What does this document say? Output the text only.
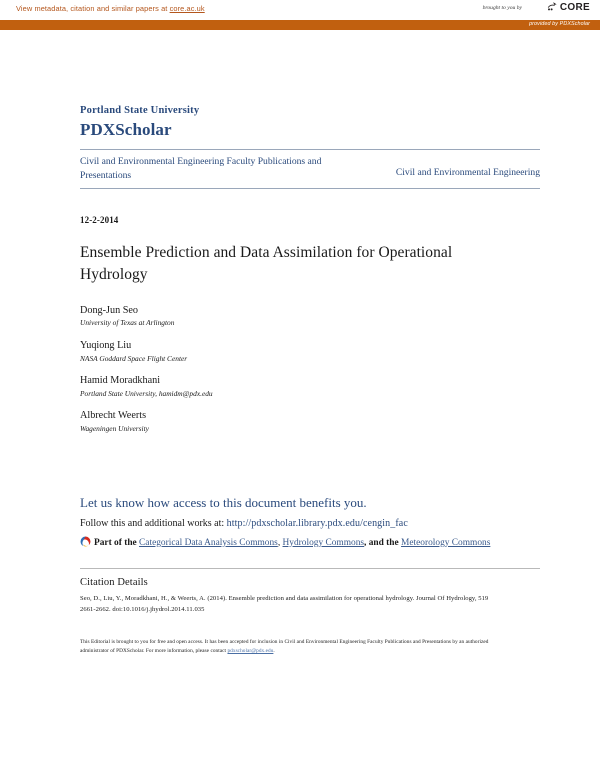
View metadata, citation and similar papers at core.ac.uk	brought to you by	CORE
provided by PDXScholar
Portland State University
PDXScholar
Civil and Environmental Engineering Faculty Publications and Presentations	Civil and Environmental Engineering
12-2-2014
Ensemble Prediction and Data Assimilation for Operational Hydrology
Dong-Jun Seo
University of Texas at Arlington
Yuqiong Liu
NASA Goddard Space Flight Center
Hamid Moradkhani
Portland State University, hamidm@pdx.edu
Albrecht Weerts
Wageningen University
Let us know how access to this document benefits you.
Follow this and additional works at: http://pdxscholar.library.pdx.edu/cengin_fac
Part of the Categorical Data Analysis Commons, Hydrology Commons, and the Meteorology Commons
Citation Details

Seo, D., Liu, Y., Moradkhani, H., & Weerts, A. (2014). Ensemble prediction and data assimilation for operational hydrology. Journal Of Hydrology, 519 2661-2662. doi:10.1016/j.jhydrol.2014.11.035

This Editorial is brought to you for free and open access. It has been accepted for inclusion in Civil and Environmental Engineering Faculty Publications and Presentations by an authorized administrator of PDXScholar. For more information, please contact pdxscholar@pdx.edu.
